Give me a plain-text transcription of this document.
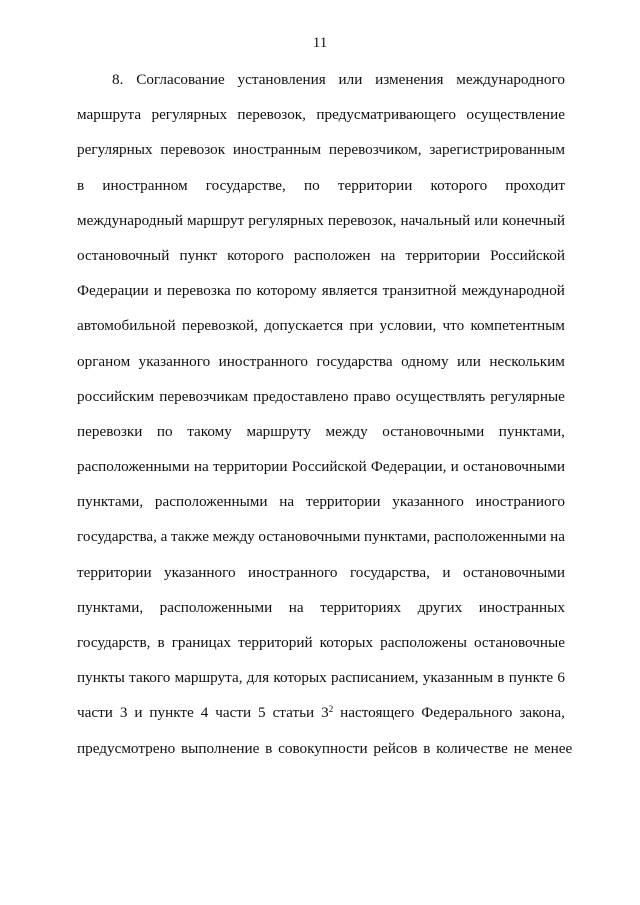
11
8. Согласование установления или изменения международного
маршрута регулярных перевозок, предусматривающего осуществление
регулярных перевозок иностранным перевозчиком, зарегистрированным
в иностранном государстве, по территории которого проходит
международный маршрут регулярных перевозок, начальный или конечный
остановочный пункт которого расположен на территории Российской
Федерации и перевозка по которому является транзитной международной
автомобильной перевозкой, допускается при условии, что компетентным
органом указанного иностранного государства одному или нескольким
российским перевозчикам предоставлено право осуществлять регулярные
перевозки по такому маршруту между остановочными пунктами,
расположенными на территории Российской Федерации, и остановочными
пунктами, расположенными на территории указанного иностраниого
государства, а также между остановочными пунктами, расположенными на
территории указанного иностранного государства, и остановочными
пунктами, расположенными на территориях других иностранных
государств, в границах территорий которых расположены остановочные
пункты такого маршрута, для которых расписанием, указанным в пункте 6
части 3 и пункте 4 части 5 статьи $3^2$ настоящего Федерального закона,
предусмотрено
выполнение
в
совокупности
рейсов
в
количестве
не
менее
